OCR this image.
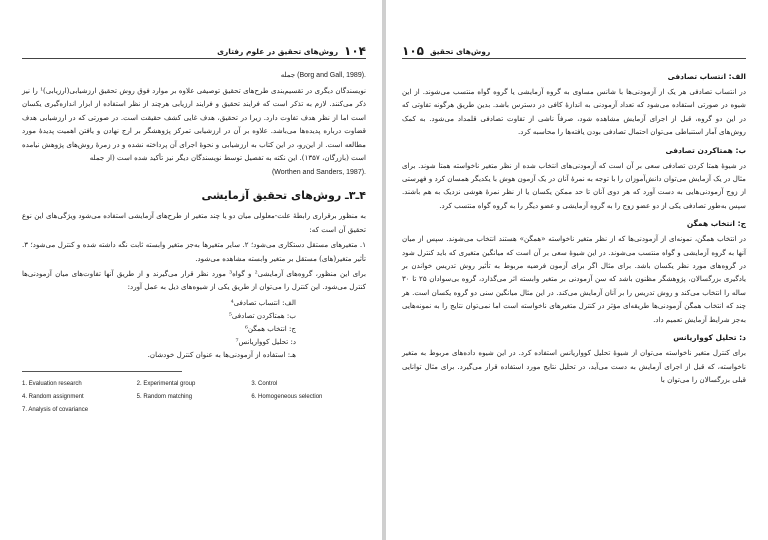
روش‌های تحقیق در علوم رفتاری ۱۰۴

جمله (Borg and Gall, 1989).

نویسندگان دیگری در تقسیم‌بندی طرح‌های تحقیق توصیفی علاوه بر موارد فوق روش تحقیق ارزشیابی(ارزیابی)¹ را نیز ذکر می‌کنند. لازم به تذکر است که فرایند تحقیق و فرایند ارزیابی هرچند از نظر استفاده از ابزار اندازه‌گیری یکسان است اما از نظر هدف تفاوت دارد. زیرا در تحقیق، هدف غایی کشف حقیقت است. در صورتی که در ارزشیابی هدف قضاوت درباره پدیده‌ها می‌باشد. علاوه بر آن در ارزشیابی تمرکز پژوهشگر بر ارج نهادن و یافتن اهمیت پدیدهٔ مورد مطالعه است. از این‌رو، در این کتاب به ارزشیابی و نحوهٔ اجرای آن پرداخته نشده و در زمرهٔ روش‌های پژوهش نیامده است (بازرگان، ۱۳۵۷). این نکته به تفصیل توسط نویسندگان دیگر نیز تأکید شده است (از جمله

(Worthen and Sanders, 1987).

۴ـ۳ـ روش‌های تحقیق آزمایشی

به منظور برقراری رابطهٔ علت-معلولی میان دو یا چند متغیر از طرح‌های آزمایشی استفاده می‌شود ویژگی‌های این نوع تحقیق آن است که:

۱. متغیرهای مستقل دستکاری می‌شود؛ ۲. سایر متغیرها به‌جز متغیر وابسته ثابت نگه داشته شده و کنترل می‌شود؛ ۳. تأثیر متغیر(های) مستقل بر متغیر وابسته مشاهده می‌شود.

برای این منظور، گروه‌های آزمایشی² و گواه³ مورد نظر قرار می‌گیرند و از طریق آنها تفاوت‌های میان آزمودنی‌ها کنترل می‌شود. این کنترل را می‌توان از طریق یکی از شیوه‌های ذیل به عمل آورد:

الف: انتساب تصادفی⁴

ب: همتاکردن تصادفی⁵

ج: انتخاب همگن⁶

د: تحلیل کوواریانس⁷

هـ: استفاده از آزمودنی‌ها به عنوان کنترل خودشان.

1. Evaluation research	2. Experimental group	3. Control
4. Random assignment	5. Random matching	6. Homogeneous selection
7. Analysis of covariance
۱۰۵ روش‌های تحقیق
الف: انتساب تصادفی

در انتساب تصادفی هر یک از آزمودنی‌ها با شانس مساوی به گروه آزمایشی یا گروه گواه منتسب می‌شوند. از این شیوه در صورتی استفاده می‌شود که تعداد آزمودنی به اندازهٔ کافی در دسترس باشد. بدین طریق هرگونه تفاوتی که در این دو گروه، قبل از اجرای آزمایش مشاهده شود، صرفاً ناشی از تفاوت تصادفی قلمداد می‌شود. به کمک روش‌های آمار استنباطی می‌توان احتمال تصادفی بودن یافته‌ها را محاسبه کرد.

ب: همتاکردن تصادفی

در شیوهٔ همتا کردن تصادفی سعی بر آن است که آزمودنی‌های انتخاب شده از نظر متغیر ناخواسته همتا شوند. برای مثال در یک آزمایش می‌توان دانش‌آموزان را با توجه به نمرهٔ آنان در یک آزمون هوش با یکدیگر همسان کرد و فهرستی از زوج آزمودنی‌هایی به دست آورد که هر دوی آنان تا حد ممکن یکسان یا از نظر نمرهٔ هوشی نزدیک به هم باشند. سپس به‌طور تصادفی یکی از دو عضو زوج را به گروه آزمایشی و عضو دیگر را به گروه گواه منتسب کرد.

ج: انتخاب همگن

در انتخاب همگن، نمونه‌ای از آزمودنی‌ها که از نظر متغیر ناخواسته «همگن» هستند انتخاب می‌شوند. سپس از میان آنها به گروه آزمایشی و گواه منتسب می‌شوند. در این شیوهٔ سعی بر آن است که میانگین متغیری که باید کنترل شود در گروه‌های مورد نظر یکسان باشد. برای مثال اگر برای آزمون فرضیه مربوط به تأثیر روش تدریس خواندن بر یادگیری بزرگسالان، پژوهشگر مظنون باشد که سن آزمودنی بر متغیر وابسته اثر می‌گذارد، گروه بی‌سوادان ۲۵ تا ۳۰ ساله را انتخاب می‌کند و روش تدریس را بر آنان آزمایش می‌کند. در این مثال میانگین سنی دو گروه یکسان است. هر چند که انتخاب همگن آزمودنی‌ها طریقه‌ای مؤثر در کنترل متغیرهای ناخواسته است اما نمی‌توان نتایج را به نمونه‌هایی به‌جز شرایط آزمایش تعمیم داد.

د: تحلیل کوواریانس

برای کنترل متغیر ناخواسته می‌توان از شیوهٔ تحلیل کوواریانس استفاده کرد. در این شیوه داده‌های مربوط به متغیر ناخواسته، که قبل از اجرای آزمایش به دست می‌آید، در تحلیل نتایج مورد استفاده قرار می‌گیرد. برای مثال توانایی قبلی بزرگسالان را می‌توان با
